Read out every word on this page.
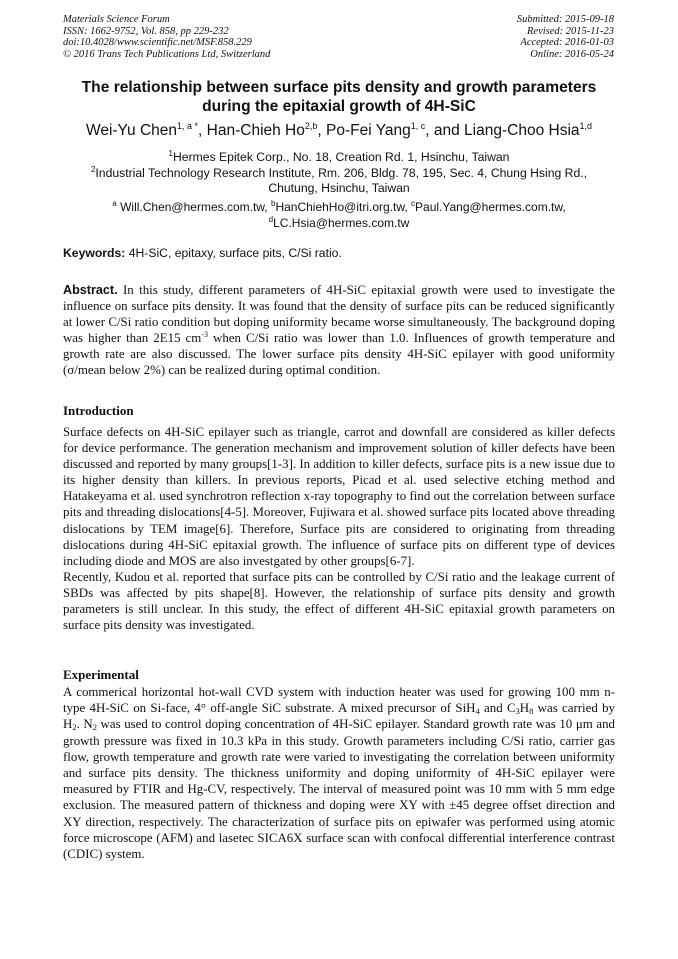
Materials Science Forum
ISSN: 1662-9752, Vol. 858, pp 229-232
doi:10.4028/www.scientific.net/MSF.858.229
© 2016 Trans Tech Publications Ltd, Switzerland
Submitted: 2015-09-18
Revised: 2015-11-23
Accepted: 2016-01-03
Online: 2016-05-24
The relationship between surface pits density and growth parameters
during the epitaxial growth of 4H-SiC
Wei-Yu Chen$^{1, a *}$, Han-Chieh Ho$^{2,b}$, Po-Fei Yang$^{1, c}$, and Liang-Choo Hsia$^{1,d}$
$^1$Hermes Epitek Corp., No. 18, Creation Rd. 1, Hsinchu, Taiwan
$^2$Industrial Technology Research Institute, Rm. 206, Bldg. 78, 195, Sec. 4, Chung Hsing Rd.,
Chutung, Hsinchu, Taiwan
$^a$ Will.Chen@hermes.com.tw, $^b$HanChiehHo@itri.org.tw, $^c$Paul.Yang@hermes.com.tw,
$^d$LC.Hsia@hermes.com.tw
Keywords: 4H-SiC, epitaxy, surface pits, C/Si ratio.

Abstract. In this study, different parameters of 4H-SiC epitaxial growth were used to investigate the influence on surface pits density. It was found that the density of surface pits can be reduced significantly at lower C/Si ratio condition but doping uniformity became worse simultaneously. The background doping was higher than 2E15 $cm^{-3}$ when C/Si ratio was lower than 1.0. Influences of growth temperature and growth rate are also discussed. The lower surface pits density 4H-SiC epilayer with good uniformity (σ/mean below 2%) can be realized during optimal condition.

Introduction

Surface defects on 4H-SiC epilayer such as triangle, carrot and downfall are considered as killer defects for device performance. The generation mechanism and improvement solution of killer defects have been discussed and reported by many groups[1-3]. In addition to killer defects, surface pits is a new issue due to its higher density than killers. In previous reports, Picad et al. used selective etching method and Hatakeyama et al. used synchrotron reflection x-ray topography to find out the correlation between surface pits and threading dislocations[4-5]. Moreover, Fujiwara et al. showed surface pits located above threading dislocations by TEM image[6]. Therefore, Surface pits are considered to originating from threading dislocations during 4H-SiC epitaxial growth. The influence of surface pits on different type of devices including diode and MOS are also investgated by other groups[6-7].

Recently, Kudou et al. reported that surface pits can be controlled by C/Si ratio and the leakage current of SBDs was affected by pits shape[8]. However, the relationship of surface pits density and growth parameters is still unclear. In this study, the effect of different 4H-SiC epitaxial growth parameters on surface pits density was investigated.

Experimental

A commerical horizontal hot-wall CVD system with induction heater was used for growing 100 mm n-type 4H-SiC on Si-face, 4° off-angle SiC substrate. A mixed precursor of SiH$_4$ and $C_3H_8$ was carried by $H_2$. $N_2$ was used to control doping concentration of 4H-SiC epilayer. Standard growth rate was 10 μm and growth pressure was fixed in 10.3 kPa in this study. Growth parameters including C/Si ratio, carrier gas flow, growth temperature and growth rate were varied to investigating the correlation between uniformity and surface pits density. The thickness uniformity and doping uniformity of 4H-SiC epilayer were measured by FTIR and Hg-CV, respectively. The interval of measured point was 10 mm with 5 mm edge exclusion. The measured pattern of thickness and doping were XY with ±45 degree offset direction and XY direction, respectively. The characterization of surface pits on epiwafer was performed using atomic force microscope (AFM) and lasetec SICA6X surface scan with confocal differential interference contrast (CDIC) system.
